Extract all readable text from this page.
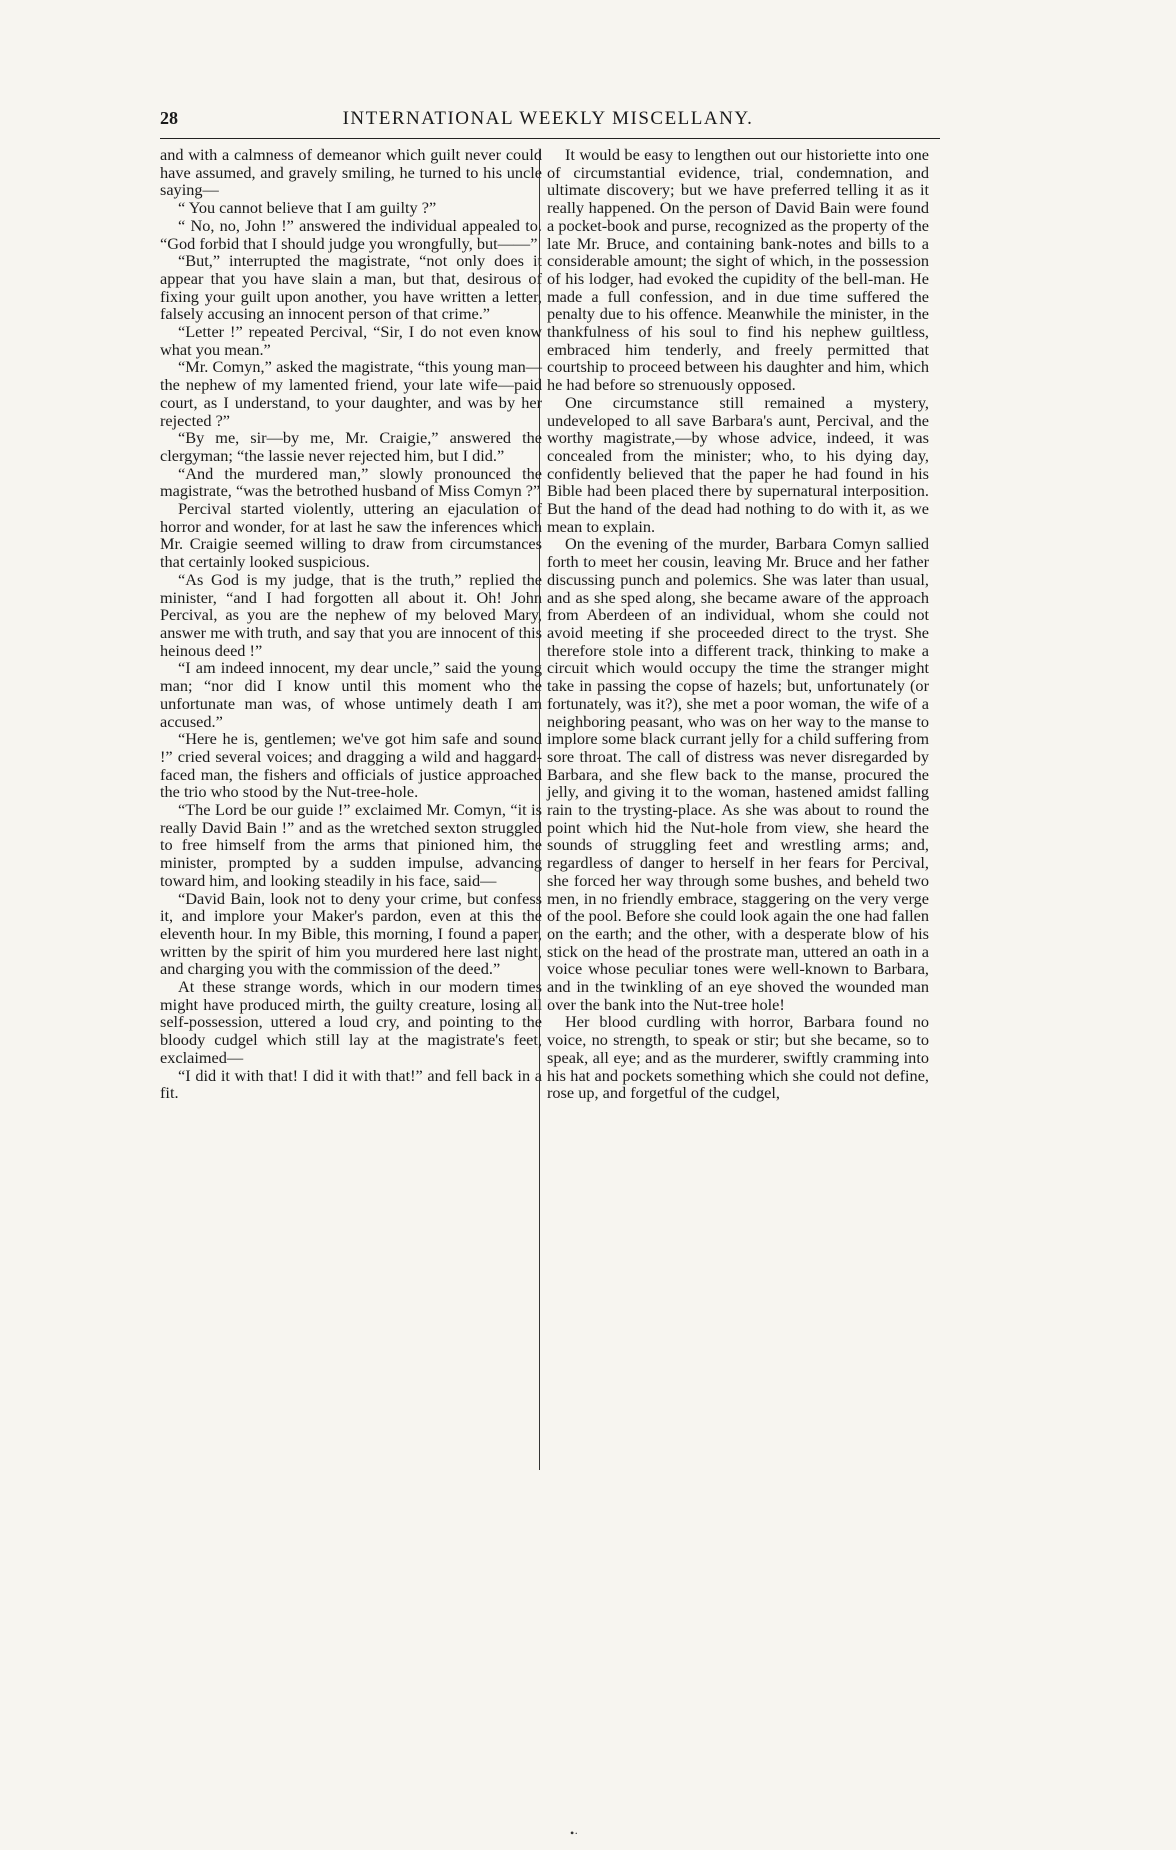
28	INTERNATIONAL WEEKLY MISCELLANY.

and with a calmness of demeanor which guilt never could have assumed, and gravely smiling, he turned to his uncle saying—

“ You cannot believe that I am guilty ?”

“ No, no, John !” answered the individual appealed to. “God forbid that I should judge you wrongfully, but——”

“But,” interrupted the magistrate, “not only does it appear that you have slain a man, but that, desirous of fixing your guilt upon another, you have written a letter, falsely accusing an innocent person of that crime.”

“Letter !” repeated Percival, “Sir, I do not even know what you mean.”

“Mr. Comyn,” asked the magistrate, “this young man—the nephew of my lamented friend, your late wife—paid court, as I understand, to your daughter, and was by her rejected ?”

“By me, sir—by me, Mr. Craigie,” answered the clergyman; “the lassie never rejected him, but I did.”

“And the murdered man,” slowly pronounced the magistrate, “was the betrothed husband of Miss Comyn ?”

Percival started violently, uttering an ejaculation of horror and wonder, for at last he saw the inferences which Mr. Craigie seemed willing to draw from circumstances that certainly looked suspicious.

“As God is my judge, that is the truth,” replied the minister, “and I had forgotten all about it. Oh! John Percival, as you are the nephew of my beloved Mary, answer me with truth, and say that you are innocent of this heinous deed !”

“I am indeed innocent, my dear uncle,” said the young man; “nor did I know until this moment who the unfortunate man was, of whose untimely death I am accused.”

“Here he is, gentlemen; we've got him safe and sound !” cried several voices; and dragging a wild and haggard-faced man, the fishers and officials of justice approached the trio who stood by the Nut-tree-hole.

“The Lord be our guide !” exclaimed Mr. Comyn, “it is really David Bain !” and as the wretched sexton struggled to free himself from the arms that pinioned him, the minister, prompted by a sudden impulse, advancing toward him, and looking steadily in his face, said—

“David Bain, look not to deny your crime, but confess it, and implore your Maker's pardon, even at this the eleventh hour. In my Bible, this morning, I found a paper, written by the spirit of him you murdered here last night, and charging you with the commission of the deed.”

At these strange words, which in our modern times might have produced mirth, the guilty creature, losing all self-possession, uttered a loud cry, and pointing to the bloody cudgel which still lay at the magistrate's feet, exclaimed—

“I did it with that! I did it with that!” and fell back in a fit.

It would be easy to lengthen out our historiette into one of circumstantial evidence, trial, condemnation, and ultimate discovery; but we have preferred telling it as it really happened. On the person of David Bain were found a pocket-book and purse, recognized as the property of the late Mr. Bruce, and containing bank-notes and bills to a considerable amount; the sight of which, in the possession of his lodger, had evoked the cupidity of the bell-man. He made a full confession, and in due time suffered the penalty due to his offence. Meanwhile the minister, in the thankfulness of his soul to find his nephew guiltless, embraced him tenderly, and freely permitted that courtship to proceed between his daughter and him, which he had before so strenuously opposed.

One circumstance still remained a mystery, undeveloped to all save Barbara's aunt, Percival, and the worthy magistrate,—by whose advice, indeed, it was concealed from the minister; who, to his dying day, confidently believed that the paper he had found in his Bible had been placed there by supernatural interposition. But the hand of the dead had nothing to do with it, as we mean to explain.

On the evening of the murder, Barbara Comyn sallied forth to meet her cousin, leaving Mr. Bruce and her father discussing punch and polemics. She was later than usual, and as she sped along, she became aware of the approach from Aberdeen of an individual, whom she could not avoid meeting if she proceeded direct to the tryst. She therefore stole into a different track, thinking to make a circuit which would occupy the time the stranger might take in passing the copse of hazels; but, unfortunately (or fortunately, was it?), she met a poor woman, the wife of a neighboring peasant, who was on her way to the manse to implore some black currant jelly for a child suffering from sore throat. The call of distress was never disregarded by Barbara, and she flew back to the manse, procured the jelly, and giving it to the woman, hastened amidst falling rain to the trysting-place. As she was about to round the point which hid the Nut-hole from view, she heard the sounds of struggling feet and wrestling arms; and, regardless of danger to herself in her fears for Percival, she forced her way through some bushes, and beheld two men, in no friendly embrace, staggering on the very verge of the pool. Before she could look again the one had fallen on the earth; and the other, with a desperate blow of his stick on the head of the prostrate man, uttered an oath in a voice whose peculiar tones were well-known to Barbara, and in the twinkling of an eye shoved the wounded man over the bank into the Nut-tree hole!

Her blood curdling with horror, Barbara found no voice, no strength, to speak or stir; but she became, so to speak, all eye; and as the murderer, swiftly cramming into his hat and pockets something which she could not define, rose up, and forgetful of the cudgel,

•·
